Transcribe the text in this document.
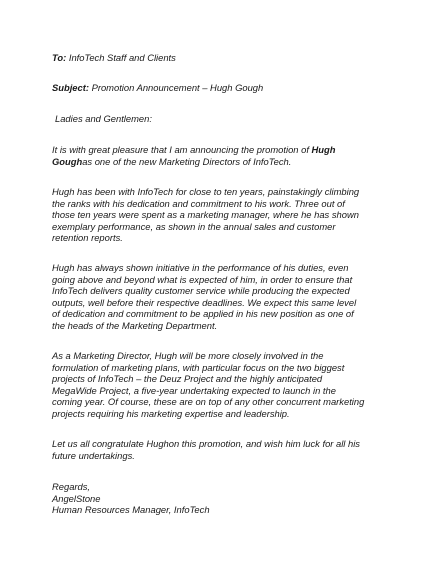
To: InfoTech Staff and Clients

Subject: Promotion Announcement – Hugh Gough

Ladies and Gentlemen:

It is with great pleasure that I am announcing the promotion of Hugh
Goughas one of the new Marketing Directors of InfoTech.

Hugh has been with InfoTech for close to ten years, painstakingly climbing
the ranks with his dedication and commitment to his work. Three out of
those ten years were spent as a marketing manager, where he has shown
exemplary performance, as shown in the annual sales and customer
retention reports.

Hugh has always shown initiative in the performance of his duties, even
going above and beyond what is expected of him, in order to ensure that
InfoTech delivers quality customer service while producing the expected
outputs, well before their respective deadlines. We expect this same level
of dedication and commitment to be applied in his new position as one of
the heads of the Marketing Department.

As a Marketing Director, Hugh will be more closely involved in the
formulation of marketing plans, with particular focus on the two biggest
projects of InfoTech – the Deuz Project and the highly anticipated
MegaWide Project, a five-year undertaking expected to launch in the
coming year. Of course, these are on top of any other concurrent marketing
projects requiring his marketing expertise and leadership.

Let us all congratulate Hughon this promotion, and wish him luck for all his
future undertakings.

Regards,
AngelStone
Human Resources Manager, InfoTech
